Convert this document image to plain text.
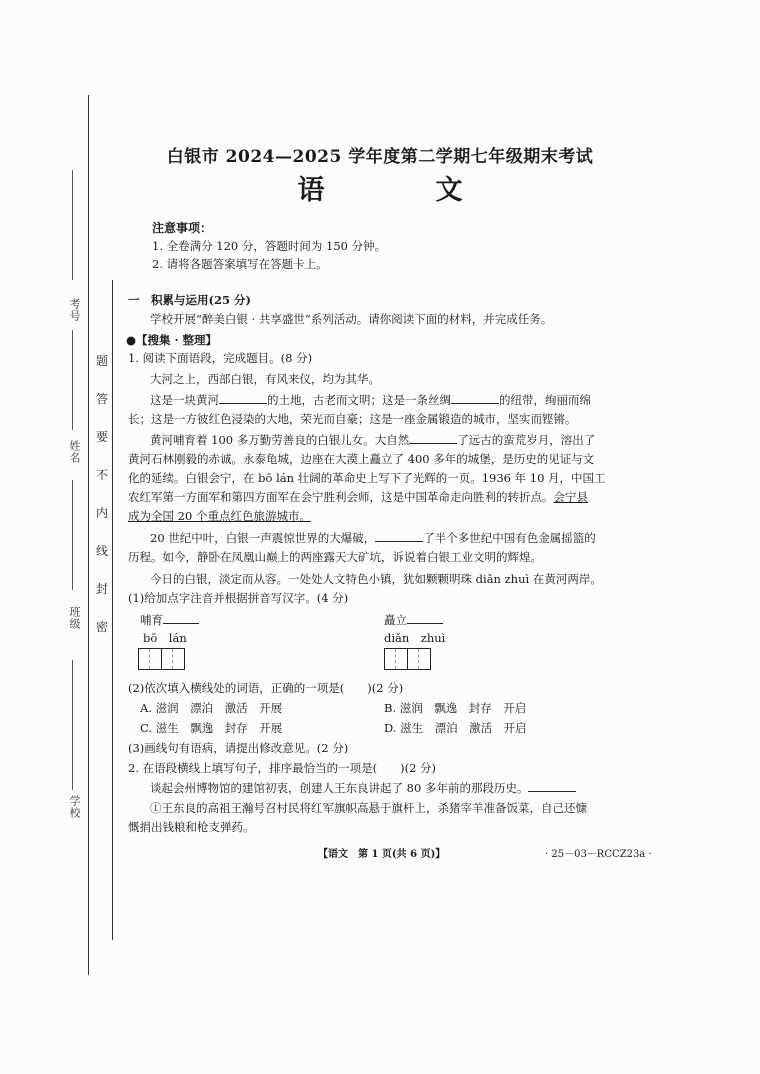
题
答
要
不
内
线
封
密
考号
姓名
班级
学校
白银市 2024—2025 学年度第二学期七年级期末考试
语　文
注意事项：
1. 全卷满分 120 分，答题时间为 150 分钟。
2. 请将各题答案填写在答题卡上。
一　积累与运用(25 分)
学校开展“醉美白银 · 共享盛世”系列活动。请你阅读下面的材料，并完成任务。
●【搜集 · 整理】
1. 阅读下面语段，完成题目。(8 分)
大河之上，西部白银，有风来仪，均为其华。
这是一块黄河	的土地，古老而文明；这是一条丝绸	的纽带，绚丽而绵
长；这是一方彼红色浸染的大地，荣光而自豪；这是一座金属锻造的城市，坚实而铿锵。
黄河哺育着 100 多万勤劳善良的白银儿女。大自然	了远古的蛮荒岁月，溶出了
黄河石林刚毅的赤诚。永泰龟城，边座在大漠上矗立了 400 多年的城堡，是历史的见证与文
化的延续。白银会宁，在 bō lán 壮阔的革命史上写下了光辉的一页。1936 年 10 月，中国工
农红军第一方面军和第四方面军在会宁胜利会师，这是中国革命走向胜利的转折点。会宁县
成为全国 20 个重点红色旅游城市。
20 世纪中叶，白银一声震惊世界的大爆破，	了半个多世纪中国有色金属摇篮的
历程。如今，静卧在凤凰山巅上的两座露天大矿坑，诉说着白银工业文明的辉煌。
今日的白银，淡定而从容。一处处人文特色小镇，犹如颗颗明珠 diǎn zhuì 在黄河两岸。
(1)给加点字注音并根据拼音写汉字。(4 分)
哺育	矗立
bō　lán	diǎn　zhuì
(2)依次填入横线处的词语，正确的一项是(　　)(2 分)
A. 滋润　漂泊　激活　开展	B. 滋润　飘逸　封存　开启
C. 滋生　飘逸　封存　开展	D. 滋生　漂泊　激活　开启
(3)画线句有语病，请提出修改意见。(2 分)
2. 在语段横线上填写句子，排序最恰当的一项是(　　)(2 分)
谈起会州博物馆的建馆初衷，创建人王东良讲起了 80 多年前的那段历史。
①王东良的高祖王瀚号召村民将红军旗帜高悬于旗杆上，杀猪宰羊准备饭菜，自己还慷
慨捐出钱粮和枪支弹药。
【语文　第 1 页(共 6 页)】	· 25－03－RCCZ23a ·
